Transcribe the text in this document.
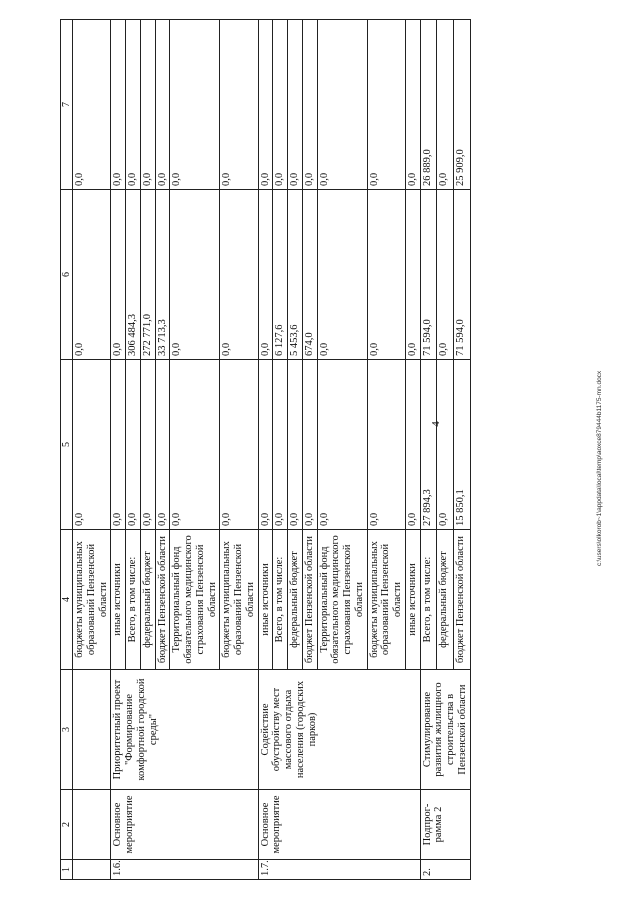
4	c:\users\olkorob~1\appdata\local\temp\aoxce879444b1175-mn.docx
1	2	3	4	5	6	7
			бюджеты муниципальных образований Пензенской области	0,0	0,0	0,0
1.6.	Основное мероприятие	Приоритетный проект "Формирование комфортной городской среды"	иные источники	0,0	0,0	0,0
			Всего, в том числе:	0,0	306 484,3	0,0
			федеральный бюджет	0,0	272 771,0	0,0
			бюджет Пензенской области	0,0	33 713,3	0,0
			Территориальный фонд обязательного медицинского страхования Пензенской области	0,0	0,0	0,0
			бюджеты муниципальных образований Пензенской области	0,0	0,0	0,0
1.7.	Основное мероприятие	Содействие обустройству мест массового отдыха населения (городских парков)	иные источники	0,0	0,0	0,0
			Всего, в том числе:	0,0	6 127,6	0,0
			федеральный бюджет	0,0	5 453,6	0,0
			бюджет Пензенской области	0,0	674,0	0,0
			Территориальный фонд обязательного медицинского страхования Пензенской области	0,0	0,0	0,0
			бюджеты муниципальных образований Пензенской области	0,0	0,0	0,0
			иные источники	0,0	0,0	0,0
2.	Подпрог-рамма 2	Стимулирование развития жилищного строительства в Пензенской области	Всего, в том числе:	27 894,3	71 594,0	26 889,0
			федеральный бюджет	0,0	0,0	0,0
			бюджет Пензенской области	15 850,1	71 594,0	25 909,0
